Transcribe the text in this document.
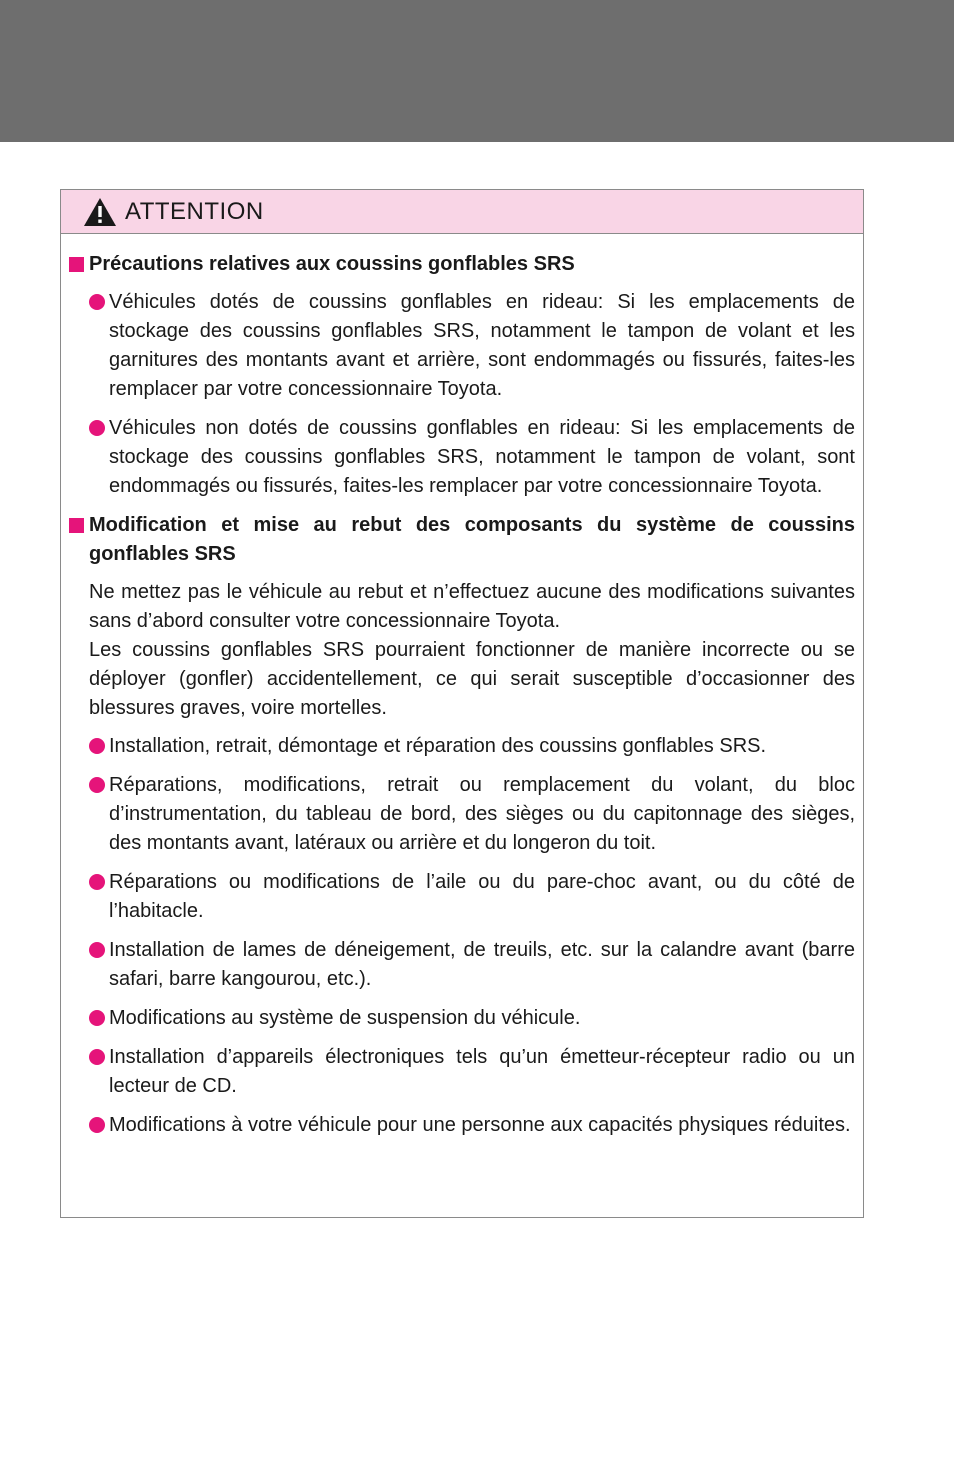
ATTENTION
Précautions relatives aux coussins gonflables SRS
Véhicules dotés de coussins gonflables en rideau: Si les emplacements de stockage des coussins gonflables SRS, notamment le tampon de volant et les garnitures des montants avant et arrière, sont endommagés ou fissurés, faites-les remplacer par votre concessionnaire Toyota.
Véhicules non dotés de coussins gonflables en rideau: Si les emplacements de stockage des coussins gonflables SRS, notamment le tampon de volant, sont endommagés ou fissurés, faites-les remplacer par votre concessionnaire Toyota.
Modification et mise au rebut des composants du système de coussins gonflables SRS

Ne mettez pas le véhicule au rebut et n’effectuez aucune des modifications suivantes sans d’abord consulter votre concessionnaire Toyota.

Les coussins gonflables SRS pourraient fonctionner de manière incorrecte ou se déployer (gonfler) accidentellement, ce qui serait susceptible d’occasionner des blessures graves, voire mortelles.

Installation, retrait, démontage et réparation des coussins gonflables SRS.
Réparations, modifications, retrait ou remplacement du volant, du bloc d’instrumentation, du tableau de bord, des sièges ou du capitonnage des sièges, des montants avant, latéraux ou arrière et du longeron du toit.
Réparations ou modifications de l’aile ou du pare-choc avant, ou du côté de l’habitacle.
Installation de lames de déneigement, de treuils, etc. sur la calandre avant (barre safari, barre kangourou, etc.).
Modifications au système de suspension du véhicule.
Installation d’appareils électroniques tels qu’un émetteur-récepteur radio ou un lecteur de CD.
Modifications à votre véhicule pour une personne aux capacités physiques réduites.
